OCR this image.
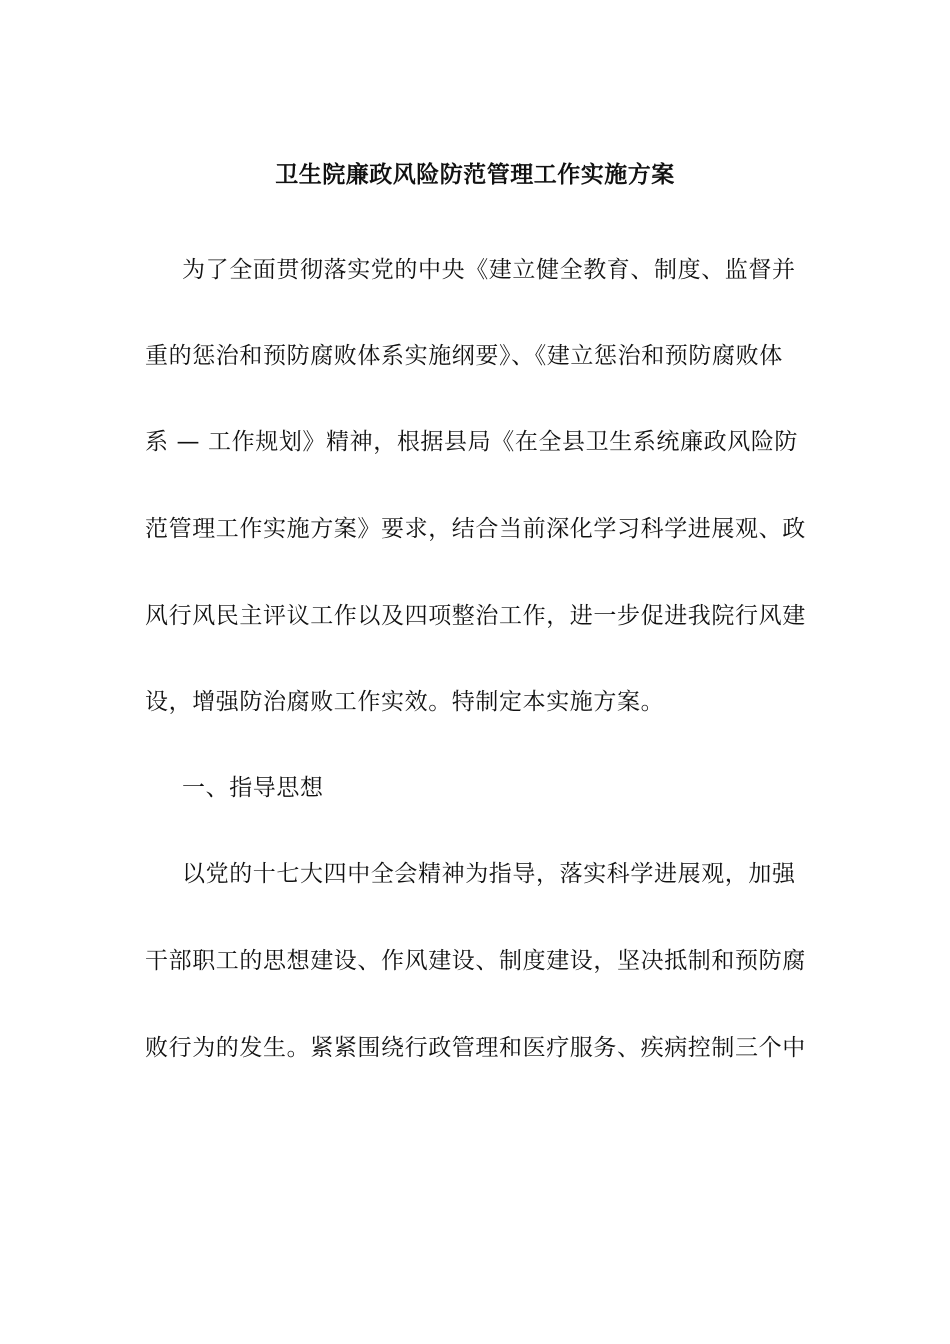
卫生院廉政风险防范管理工作实施方案
为了全面贯彻落实党的中央《建立健全教育、制度、监督并
重的惩治和预防腐败体系实施纲要》、《建立惩治和预防腐败体
系 — 工作规划》精神，根据县局《在全县卫生系统廉政风险防
范管理工作实施方案》要求，结合当前深化学习科学进展观、政
风行风民主评议工作以及四项整治工作，进一步促进我院行风建
设，增强防治腐败工作实效。特制定本实施方案。
一、指导思想
以党的十七大四中全会精神为指导，落实科学进展观，加强
干部职工的思想建设、作风建设、制度建设，坚决抵制和预防腐
败行为的发生。紧紧围绕行政管理和医疗服务、疾病控制三个中
